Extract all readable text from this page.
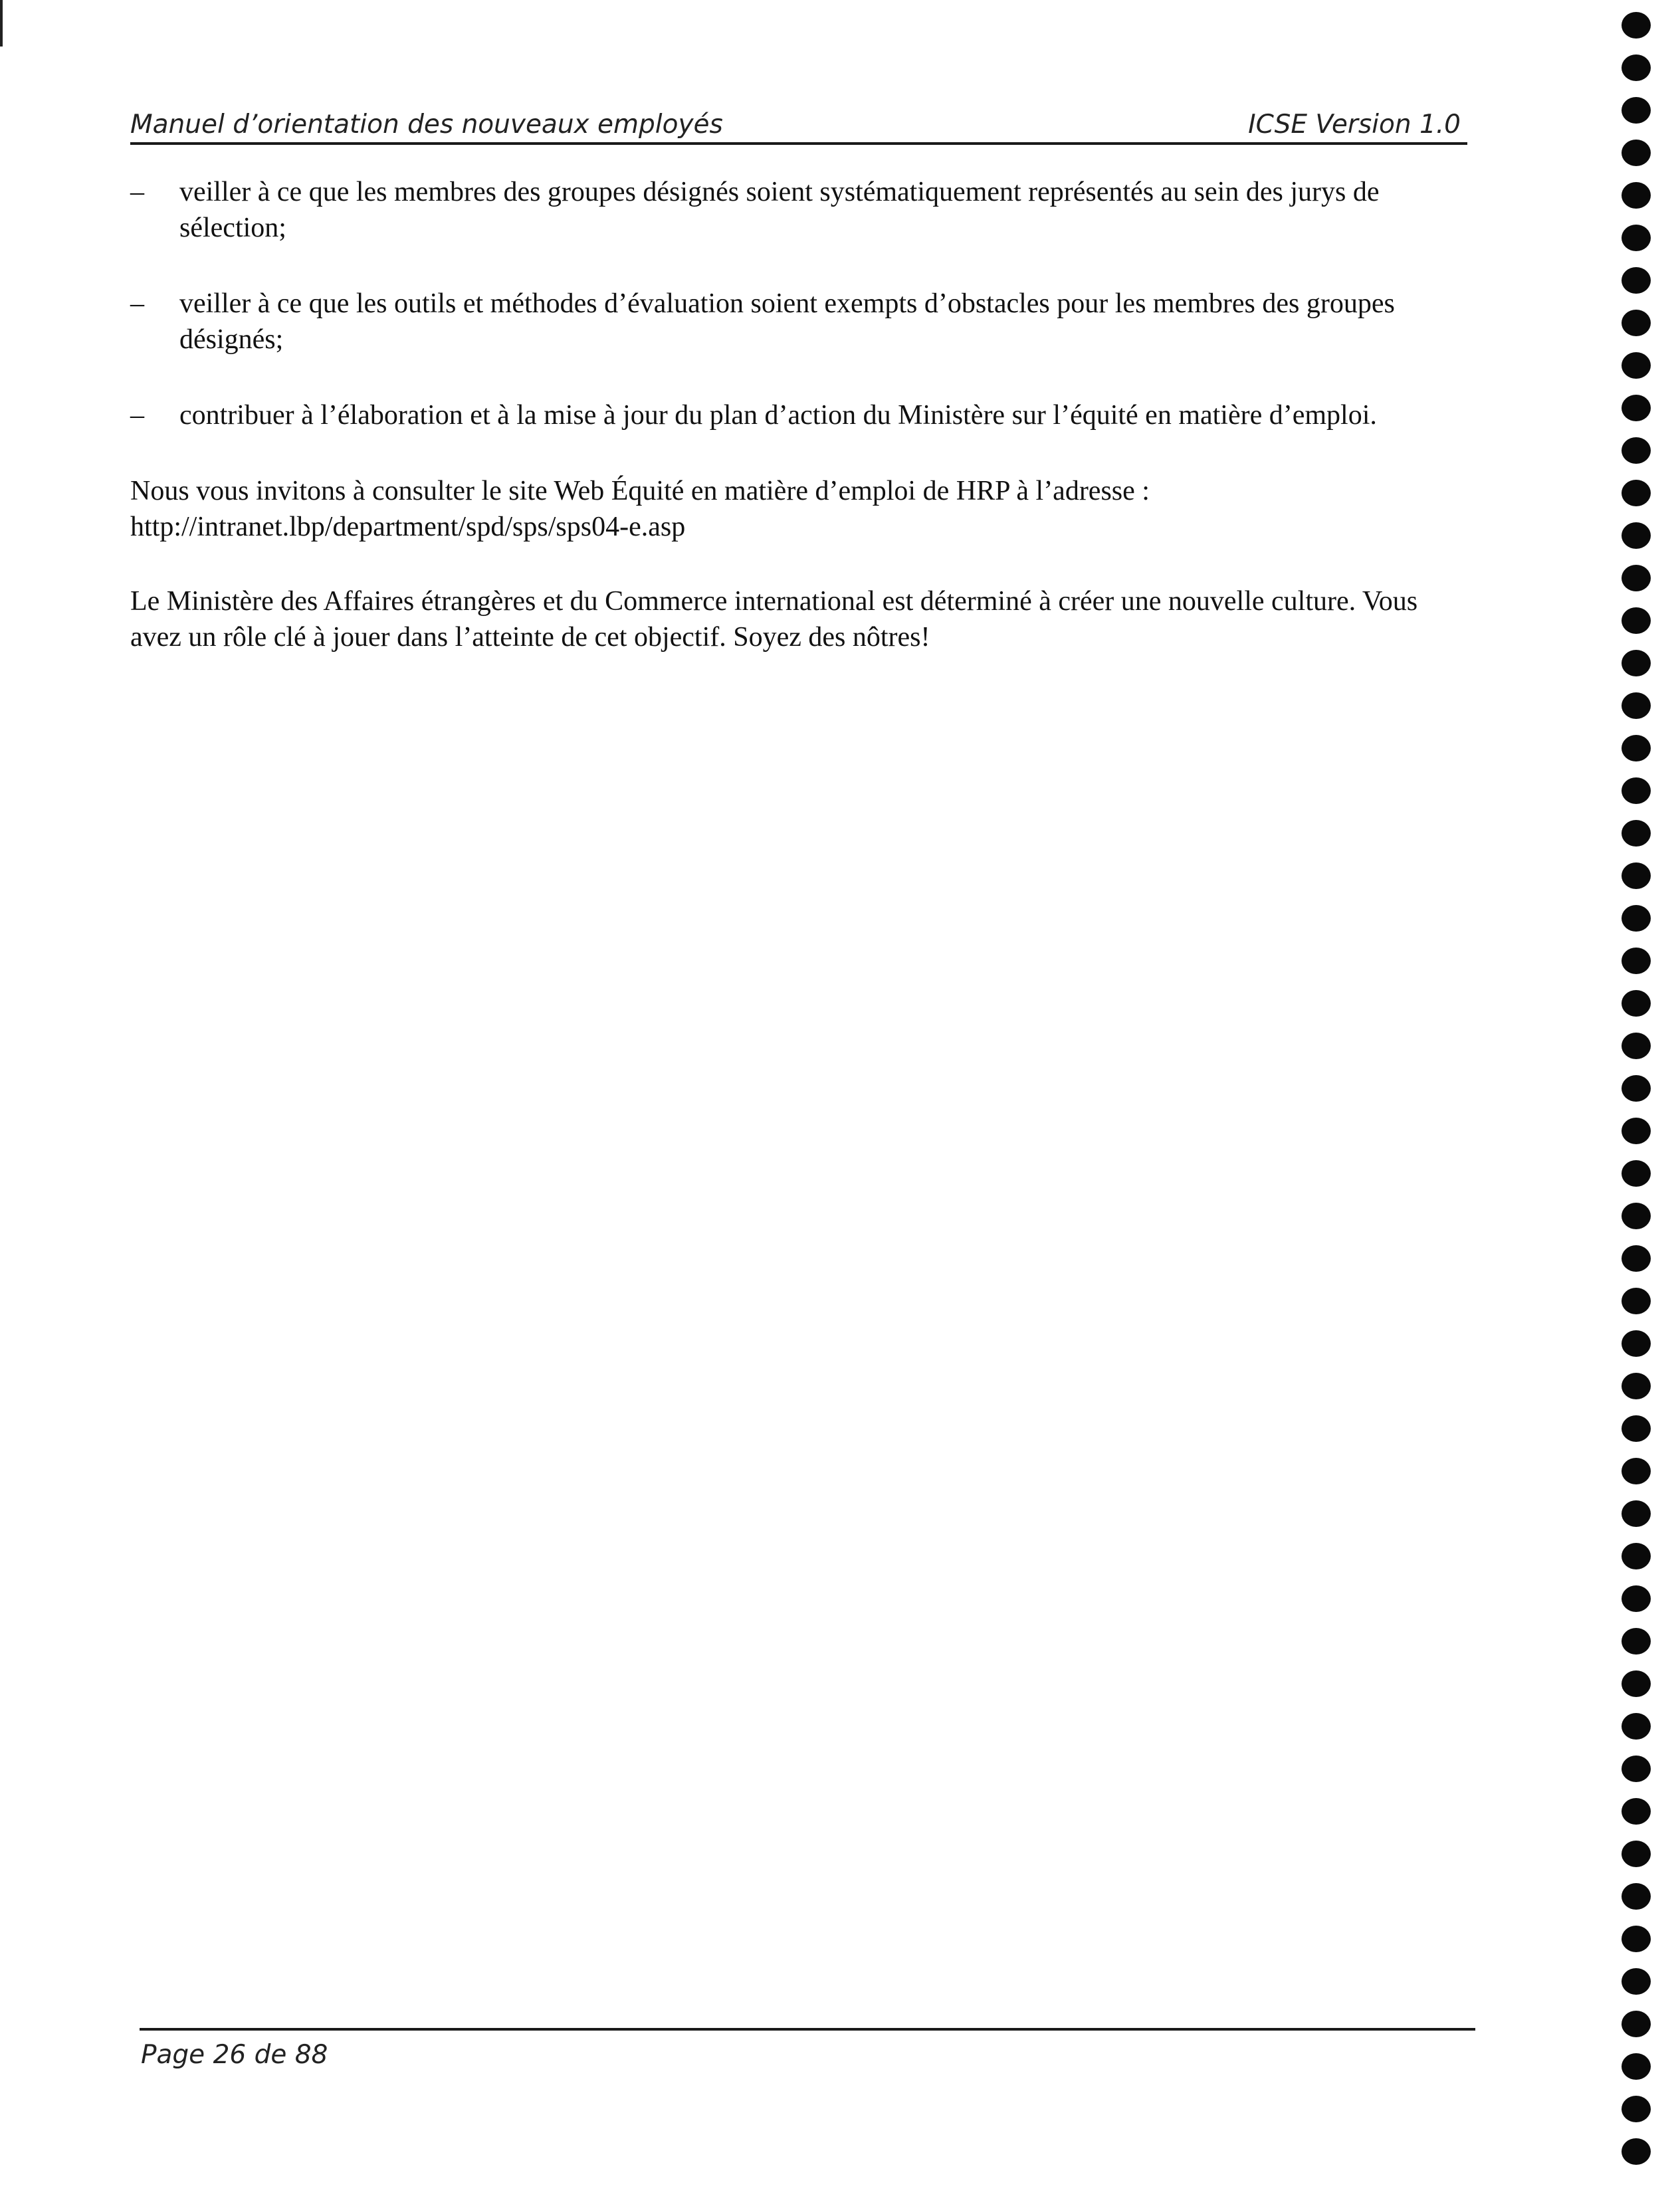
Manuel d’orientation des nouveaux employés	ICSE Version 1.0
– veiller à ce que les membres des groupes désignés soient systématiquement représentés au sein des jurys de sélection;
– veiller à ce que les outils et méthodes d’évaluation soient exempts d’obstacles pour les membres des groupes désignés;
– contribuer à l’élaboration et à la mise à jour du plan d’action du Ministère sur l’équité en matière d’emploi.
Nous vous invitons à consulter le site Web Équité en matière d’emploi de HRP à l’adresse :
http://intranet.lbp/department/spd/sps/sps04-e.asp
Le Ministère des Affaires étrangères et du Commerce international est déterminé à créer une nouvelle culture. Vous avez un rôle clé à jouer dans l’atteinte de cet objectif. Soyez des nôtres!
Page 26 de 88
